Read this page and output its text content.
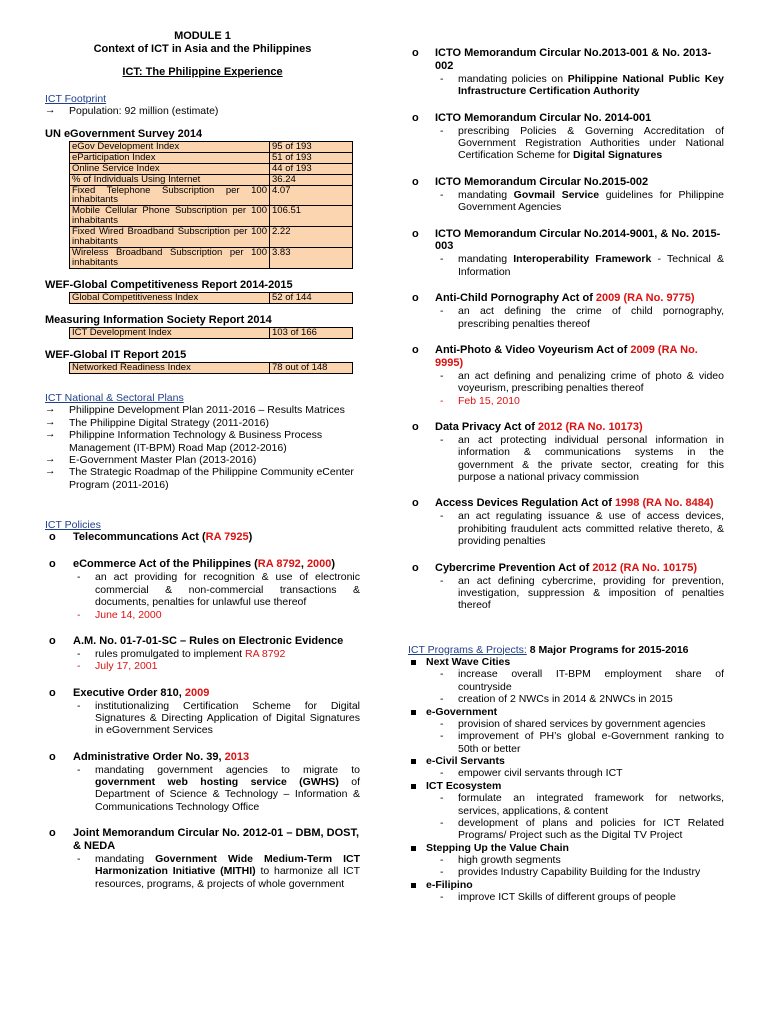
MODULE 1
Context of ICT in Asia and the Philippines
ICT: The Philippine Experience
ICT Footprint
→ Population: 92 million (estimate)
UN eGovernment Survey 2014
eGov Development Index	95 of 193
eParticipation Index	51 of 193
Online Service Index	44 of 193
% of Individuals Using Internet	36.24
Fixed Telephone Subscription per 100 inhabitants	4.07
Mobile Cellular Phone Subscription per 100 inhabitants	106.51
Fixed Wired Broadband Subscription per 100 inhabitants	2.22
Wireless Broadband Subscription per 100 inhabitants	3.83
WEF-Global Competitiveness Report 2014-2015
Global Competitiveness Index	52 of 144
Measuring Information Society Report 2014
ICT Development Index	103 of 166
WEF-Global IT Report 2015
Networked Readiness Index	78 out of 148
ICT National & Sectoral Plans
→ Philippine Development Plan 2011-2016 – Results Matrices
→ The Philippine Digital Strategy (2011-2016)
→ Philippine Information Technology & Business Process Management (IT-BPM) Road Map (2012-2016)
→ E-Government Master Plan (2013-2016)
→ The Strategic Roadmap of the Philippine Community eCenter Program (2011-2016)
ICT Policies
o Telecommuncations Act (RA 7925)
o eCommerce Act of the Philippines (RA 8792, 2000)
- an act providing for recognition & use of electronic commercial & non-commercial transactions & documents, penalties for unlawful use thereof
- June 14, 2000
o A.M. No. 01-7-01-SC – Rules on Electronic Evidence
- rules promulgated to implement RA 8792
- July 17, 2001
o Executive Order 810, 2009
- institutionalizing Certification Scheme for Digital Signatures & Directing Application of Digital Signatures in eGovernment Services
o Administrative Order No. 39, 2013
- mandating government agencies to migrate to government web hosting service (GWHS) of Department of Science & Technology – Information & Communications Technology Office
o Joint Memorandum Circular No. 2012-01 – DBM, DOST, & NEDA
- mandating Government Wide Medium-Term ICT Harmonization Initiative (MITHI) to harmonize all ICT resources, programs, & projects of whole government
o ICTO Memorandum Circular No.2013-001 & No. 2013-002
- mandating policies on Philippine National Public Key Infrastructure Certification Authority
o ICTO Memorandum Circular No. 2014-001
- prescribing Policies & Governing Accreditation of Government Registration Authorities under National Certification Scheme for Digital Signatures
o ICTO Memorandum Circular No.2015-002
- mandating Govmail Service guidelines for Philippine Government Agencies
o ICTO Memorandum Circular No.2014-9001, & No. 2015-003
- mandating Interoperability Framework - Technical & Information
o Anti-Child Pornography Act of 2009 (RA No. 9775)
- an act defining the crime of child pornography, prescribing penalties thereof
o Anti-Photo & Video Voyeurism Act of 2009 (RA No. 9995)
- an act defining and penalizing crime of photo & video voyeurism, prescribing penalties thereof
- Feb 15, 2010
o Data Privacy Act of 2012 (RA No. 10173)
- an act protecting individual personal information in information & communications systems in the government & the private sector, creating for this purpose a national privacy commission
o Access Devices Regulation Act of 1998 (RA No. 8484)
- an act regulating issuance & use of access devices, prohibiting fraudulent acts committed relative thereto, & providing penalties
o Cybercrime Prevention Act of 2012 (RA No. 10175)
- an act defining cybercrime, providing for prevention, investigation, suppression & imposition of penalties thereof
ICT Programs & Projects: 8 Major Programs for 2015-2016
Next Wave Cities
- increase overall IT-BPM employment share of countryside
- creation of 2 NWCs in 2014 & 2NWCs in 2015
e-Government
- provision of shared services by government agencies
- improvement of PH’s global e-Government ranking to 50th or better
e-Civil Servants
- empower civil servants through ICT
ICT Ecosystem
- formulate an integrated framework for networks, services, applications, & content
- development of plans and policies for ICT Related Programs/ Project such as the Digital TV Project
Stepping Up the Value Chain
- high growth segments
- provides Industry Capability Building for the Industry
e-Filipino
- improve ICT Skills of different groups of people
